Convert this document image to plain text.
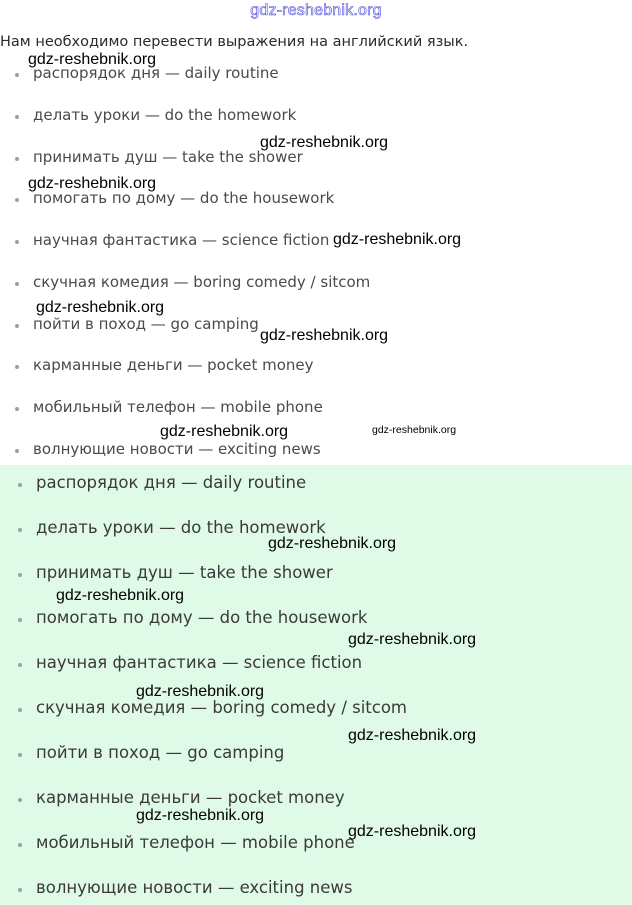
gdz-reshebnik.org
Нам необходимо перевести выражения на английский язык.
распорядок дня — daily routine
делать уроки — do the homework
принимать душ — take the shower
помогать по дому — do the housework
научная фантастика — science fiction
скучная комедия — boring comedy / sitcom
пойти в поход — go camping
карманные деньги — pocket money
мобильный телефон — mobile phone
волнующие новости — exciting news
распорядок дня — daily routine
делать уроки — do the homework
принимать душ — take the shower
помогать по дому — do the housework
научная фантастика — science fiction
скучная комедия — boring comedy / sitcom
пойти в поход — go camping
карманные деньги — pocket money
мобильный телефон — mobile phone
волнующие новости — exciting news
gdz-reshebnik.org
gdz-reshebnik.org
gdz-reshebnik.org
gdz-reshebnik.org
gdz-reshebnik.org
gdz-reshebnik.org
gdz-reshebnik.org	gdz-reshebnik.org
gdz-reshebnik.org
gdz-reshebnik.org
gdz-reshebnik.org
gdz-reshebnik.org
gdz-reshebnik.org
gdz-reshebnik.org
gdz-reshebnik.org
